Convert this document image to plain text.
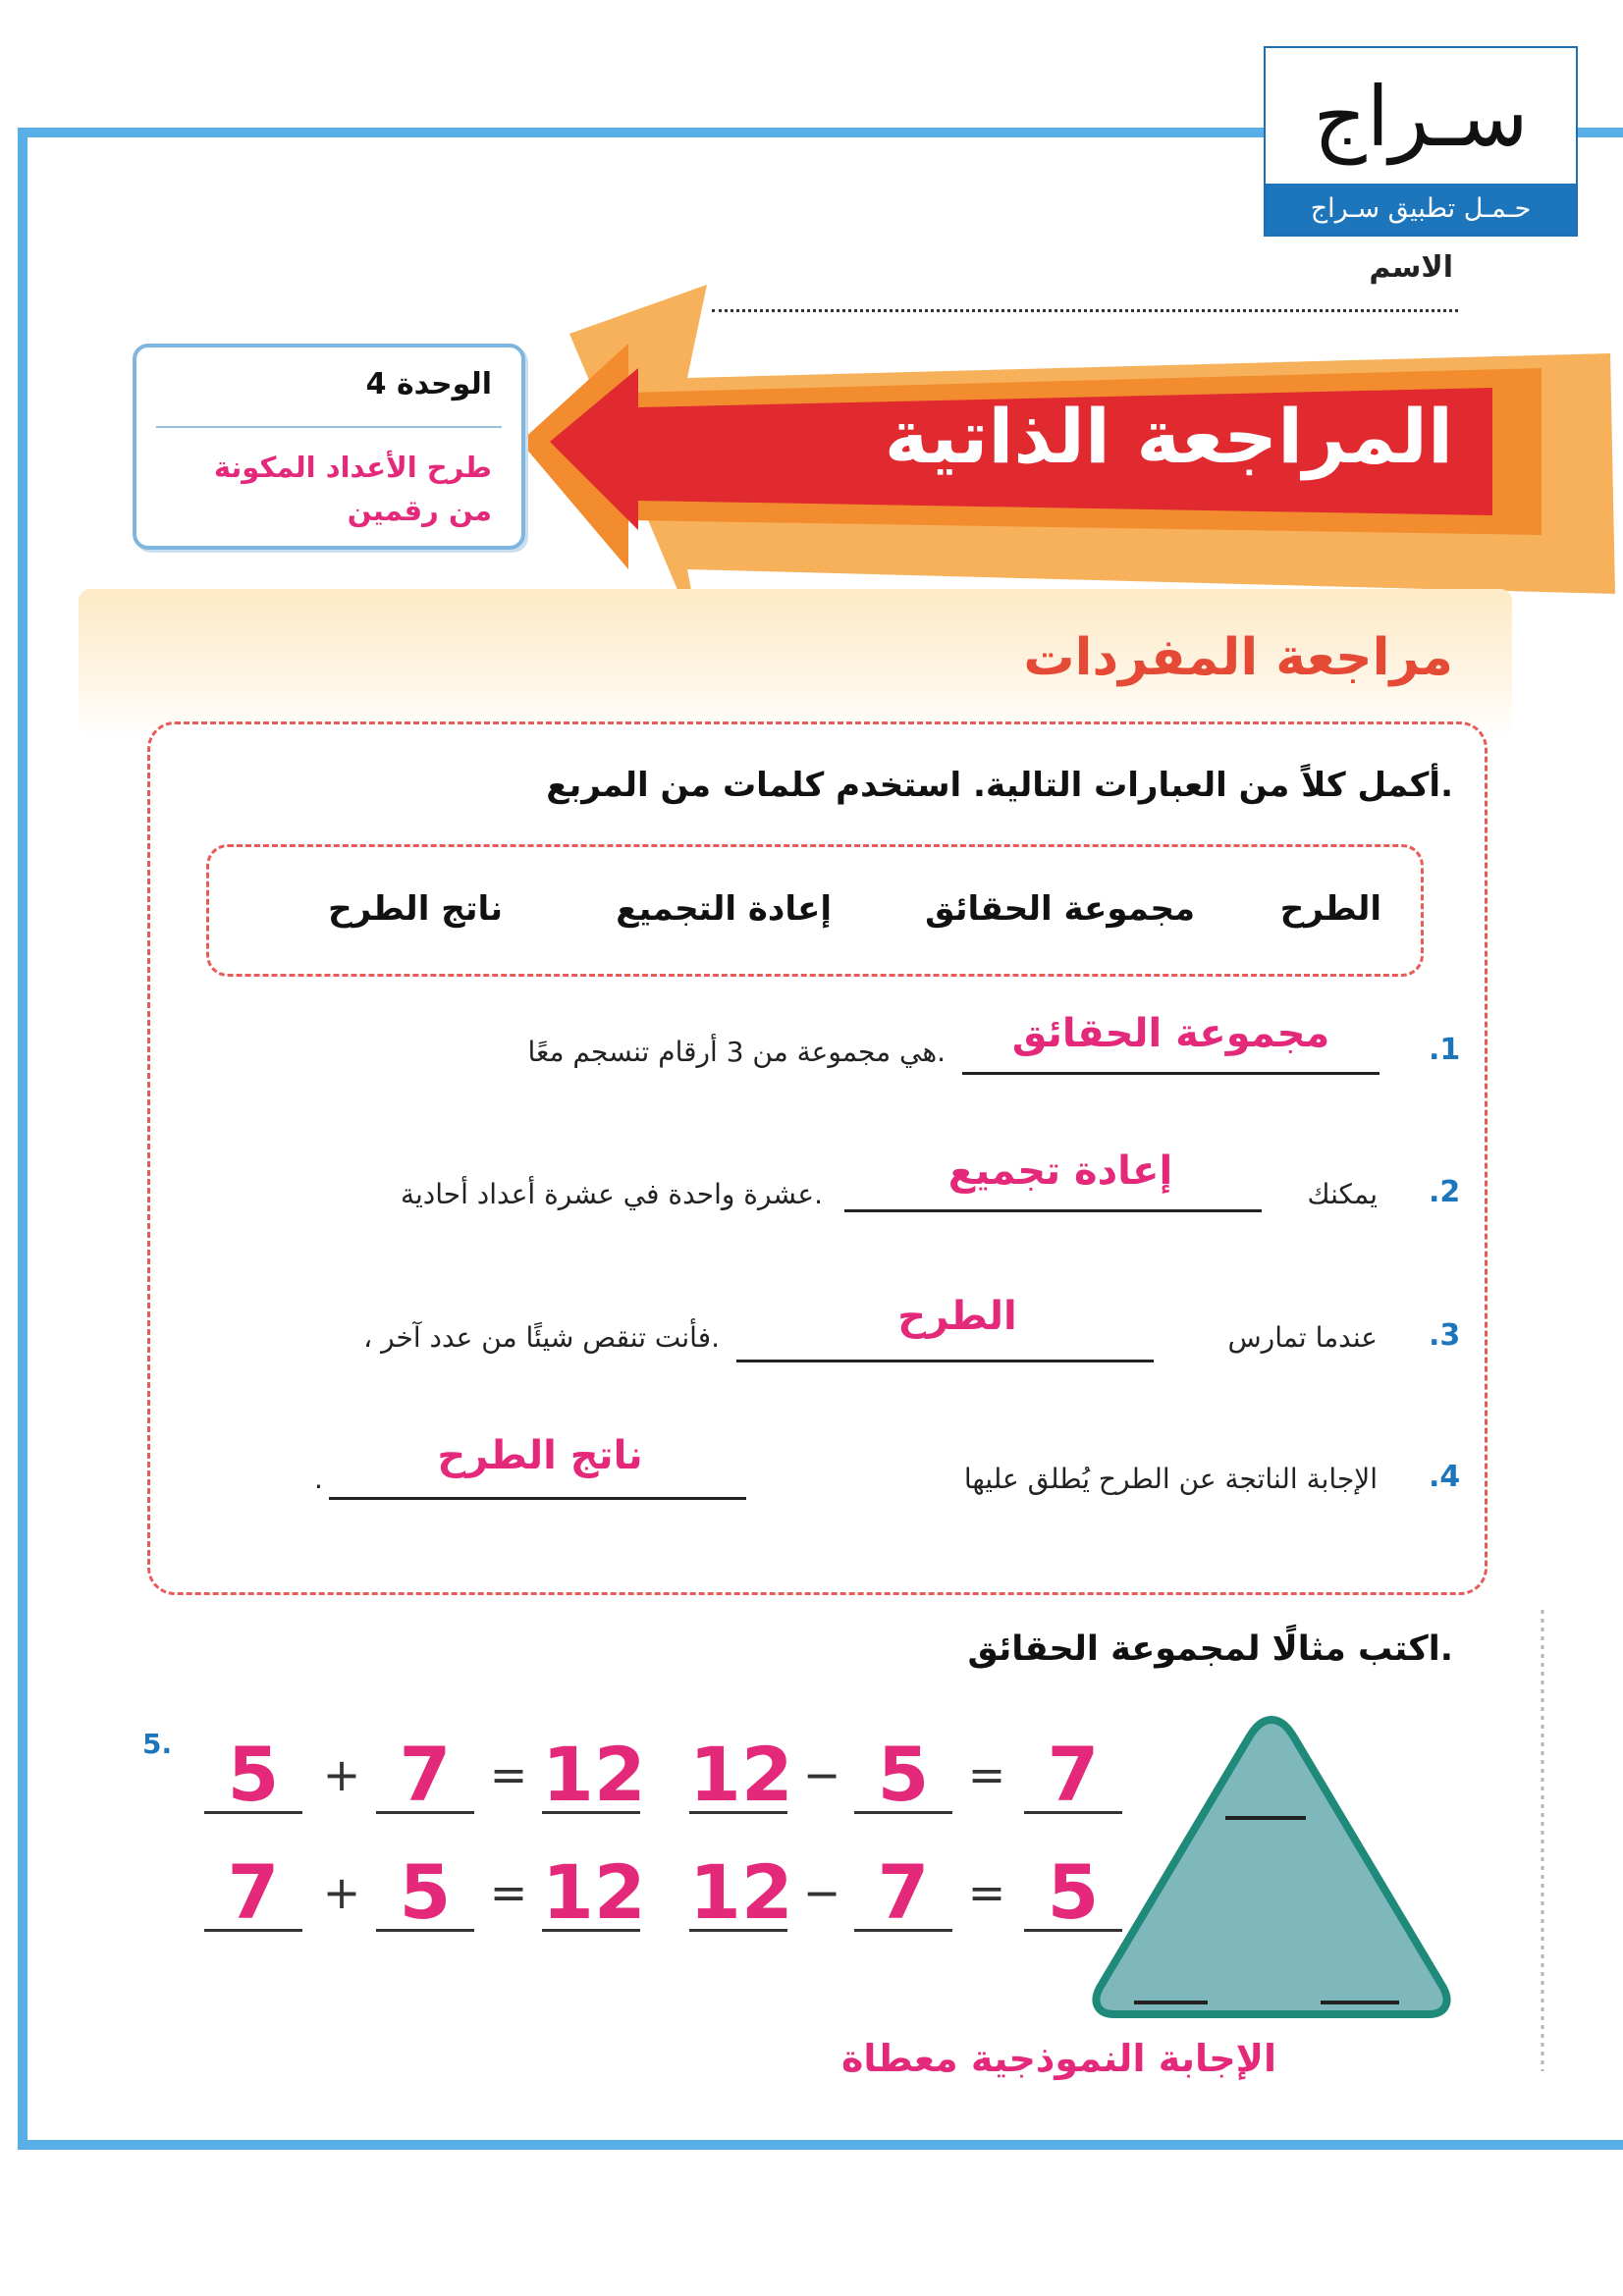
سـراج
حـمـل تطبيق سـراج
الاسم
المراجعة الذاتية
الوحدة 4
طرح الأعداد المكونة
من رقمين
مراجعة المفردات
أكمل كلاً من العبارات التالية. استخدم كلمات من المربع.
الطرح
مجموعة الحقائق
إعادة التجميع
ناتج الطرح
.1
مجموعة الحقائق
هي مجموعة من 3 أرقام تنسجم معًا.
.2
يمكنك
إعادة تجميع
عشرة واحدة في عشرة أعداد أحادية.
.3
عندما تمارس
الطرح
، فأنت تنقص شيئًا من عدد آخر.
.4
الإجابة الناتجة عن الطرح يُطلق عليها
ناتج الطرح
.
اكتب مثالًا لمجموعة الحقائق.
5. 5 + 7 = 12 12 − 5 = 7
7 + 5 = 12 12 − 7 = 5
الإجابة النموذجية معطاة
